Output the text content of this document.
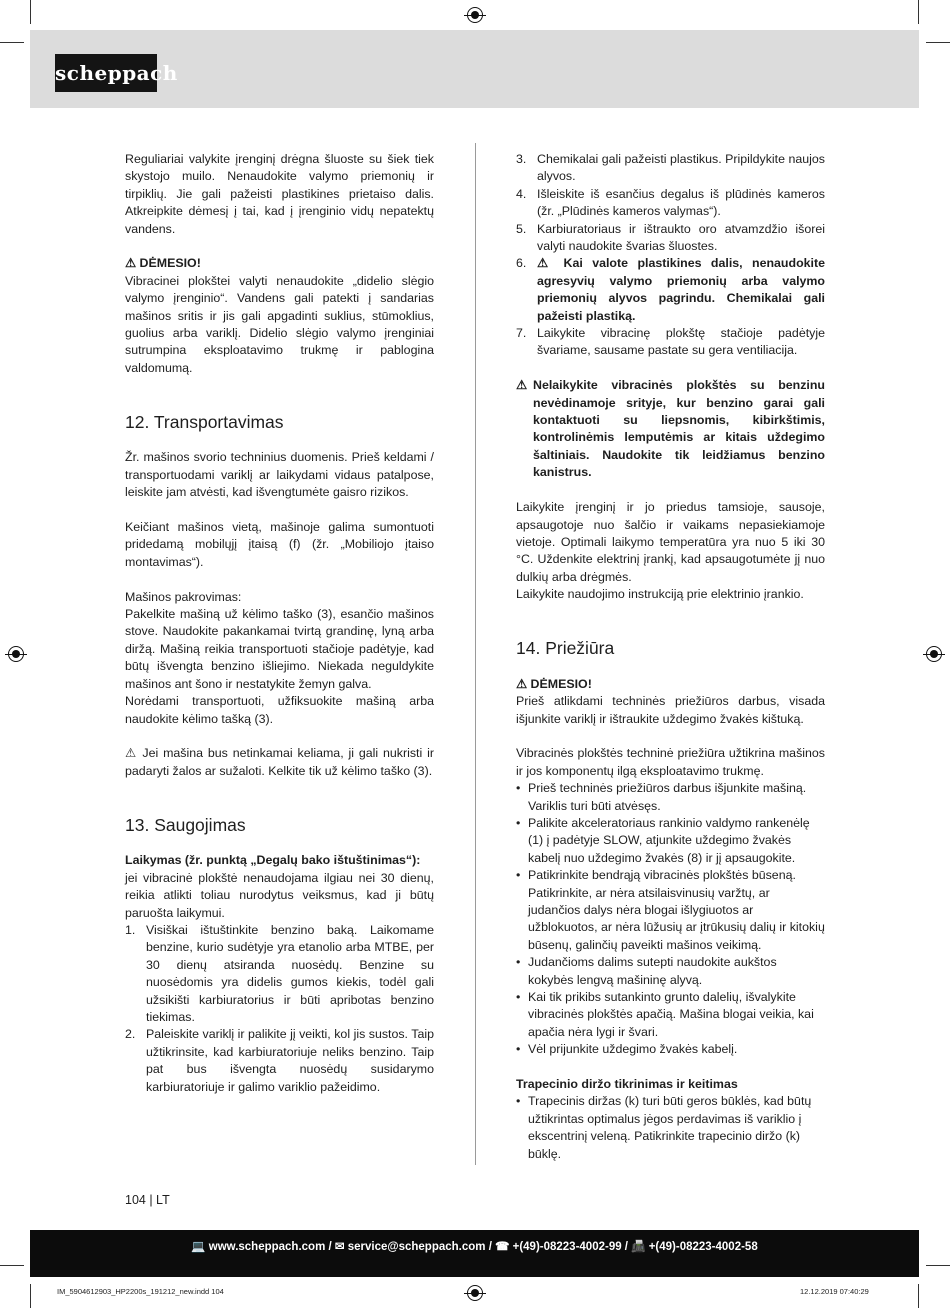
scheppach

Reguliariai valykite įrenginį drėgna šluoste su šiek tiek skystojo muilo. Nenaudokite valymo priemonių ir tirpiklių. Jie gali pažeisti plastikines prietaiso dalis. Atkreipkite dėmesį į tai, kad į įrenginio vidų nepatektų vandens.

⚠ DĖMESIO!

Vibracinei plokštei valyti nenaudokite „didelio slėgio valymo įrenginio“. Vandens gali patekti į sandarias mašinos sritis ir jis gali apgadinti suklius, stūmoklius, guolius arba variklį. Didelio slėgio valymo įrenginiai sutrumpina eksploatavimo trukmę ir pablogina valdomumą.

12. Transportavimas

Žr. mašinos svorio techninius duomenis. Prieš keldami / transportuodami variklį ar laikydami vidaus patalpose, leiskite jam atvėsti, kad išvengtumėte gaisro rizikos.

Keičiant mašinos vietą, mašinoje galima sumontuoti pridedamą mobilųjį įtaisą (f) (žr. „Mobiliojo įtaiso montavimas“).

Mašinos pakrovimas:

Pakelkite mašiną už kėlimo taško (3), esančio mašinos stove. Naudokite pakankamai tvirtą grandinę, lyną arba diržą. Mašiną reikia transportuoti stačioje padėtyje, kad būtų išvengta benzino išliejimo. Niekada neguldykite mašinos ant šono ir nestatykite žemyn galva.

Norėdami transportuoti, užfiksuokite mašiną arba naudokite kėlimo tašką (3).

⚠ Jei mašina bus netinkamai keliama, ji gali nukristi ir padaryti žalos ar sužaloti. Kelkite tik už kėlimo taško (3).

13. Saugojimas

Laikymas (žr. punktą „Degalų bako ištuštinimas“):

jei vibracinė plokštė nenaudojama ilgiau nei 30 dienų, reikia atlikti toliau nurodytus veiksmus, kad ji būtų paruošta laikymui.

1. Visiškai ištuštinkite benzino baką. Laikomame benzine, kurio sudėtyje yra etanolio arba MTBE, per 30 dienų atsiranda nuosėdų. Benzine su nuosėdomis yra didelis gumos kiekis, todėl gali užsikišti karbiuratorius ir būti apribotas benzino tiekimas.
2. Paleiskite variklį ir palikite jį veikti, kol jis sustos. Taip užtikrinsite, kad karbiuratoriuje neliks benzino. Taip pat bus išvengta nuosėdų susidarymo karbiuratoriuje ir galimo variklio pažeidimo.
3. Chemikalai gali pažeisti plastikus. Pripildykite naujos alyvos.
4. Išleiskite iš esančius degalus iš plūdinės kameros (žr. „Plūdinės kameros valymas“).
5. Karbiuratoriaus ir ištraukto oro atvamzdžio išorei valyti naudokite švarias šluostes.
6. ⚠ Kai valote plastikines dalis, nenaudokite agresyvių valymo priemonių arba valymo priemonių alyvos pagrindu. Chemikalai gali pažeisti plastiką.
7. Laikykite vibracinę plokštę stačioje padėtyje švariame, sausame pastate su gera ventiliacija.
⚠ Nelaikykite vibracinės plokštės su benzinu nevėdinamoje srityje, kur benzino garai gali kontaktuoti su liepsnomis, kibirkštimis, kontrolinėmis lemputėmis ar kitais uždegimo šaltiniais. Naudokite tik leidžiamus benzino kanistrus.

Laikykite įrenginį ir jo priedus tamsioje, sausoje, apsaugotoje nuo šalčio ir vaikams nepasiekiamoje vietoje. Optimali laikymo temperatūra yra nuo 5 iki 30 °C. Uždenkite elektrinį įrankį, kad apsaugotumėte jį nuo dulkių arba drėgmės.

Laikykite naudojimo instrukciją prie elektrinio įrankio.

14. Priežiūra

⚠ DĖMESIO!

Prieš atlikdami techninės priežiūros darbus, visada išjunkite variklį ir ištraukite uždegimo žvakės kištuką.

Vibracinės plokštės techninė priežiūra užtikrina mašinos ir jos komponentų ilgą eksploatavimo trukmę.

• Prieš techninės priežiūros darbus išjunkite mašiną. Variklis turi būti atvėsęs.
• Palikite akceleratoriaus rankinio valdymo rankenėlę (1) į padėtyje SLOW, atjunkite uždegimo žvakės kabelį nuo uždegimo žvakės (8) ir jį apsaugokite.
• Patikrinkite bendrąją vibracinės plokštės būseną. Patikrinkite, ar nėra atsilaisvinusių varžtų, ar judančios dalys nėra blogai išlygiuotos ar užblokuotos, ar nėra lūžusių ar įtrūkusių dalių ir kitokių būsenų, galinčių paveikti mašinos veikimą.
• Judančioms dalims sutepti naudokite aukštos kokybės lengvą mašininę alyvą.
• Kai tik prikibs sutankinto grunto dalelių, išvalykite vibracinės plokštės apačią. Mašina blogai veikia, kai apačia nėra lygi ir švari.
• Vėl prijunkite uždegimo žvakės kabelį.

Trapecinio diržo tikrinimas ir keitimas

• Trapecinis diržas (k) turi būti geros būklės, kad būtų užtikrintas optimalus jėgos perdavimas iš variklio į ekscentrinį veleną. Patikrinkite trapecinio diržo (k) būklę.
104 | LT
💻 www.scheppach.com / ✉ service@scheppach.com / ☎ +(49)-08223-4002-99 / 📠 +(49)-08223-4002-58
IM_5904612903_HP2200s_191212_new.indd 104	12.12.2019 07:40:29
